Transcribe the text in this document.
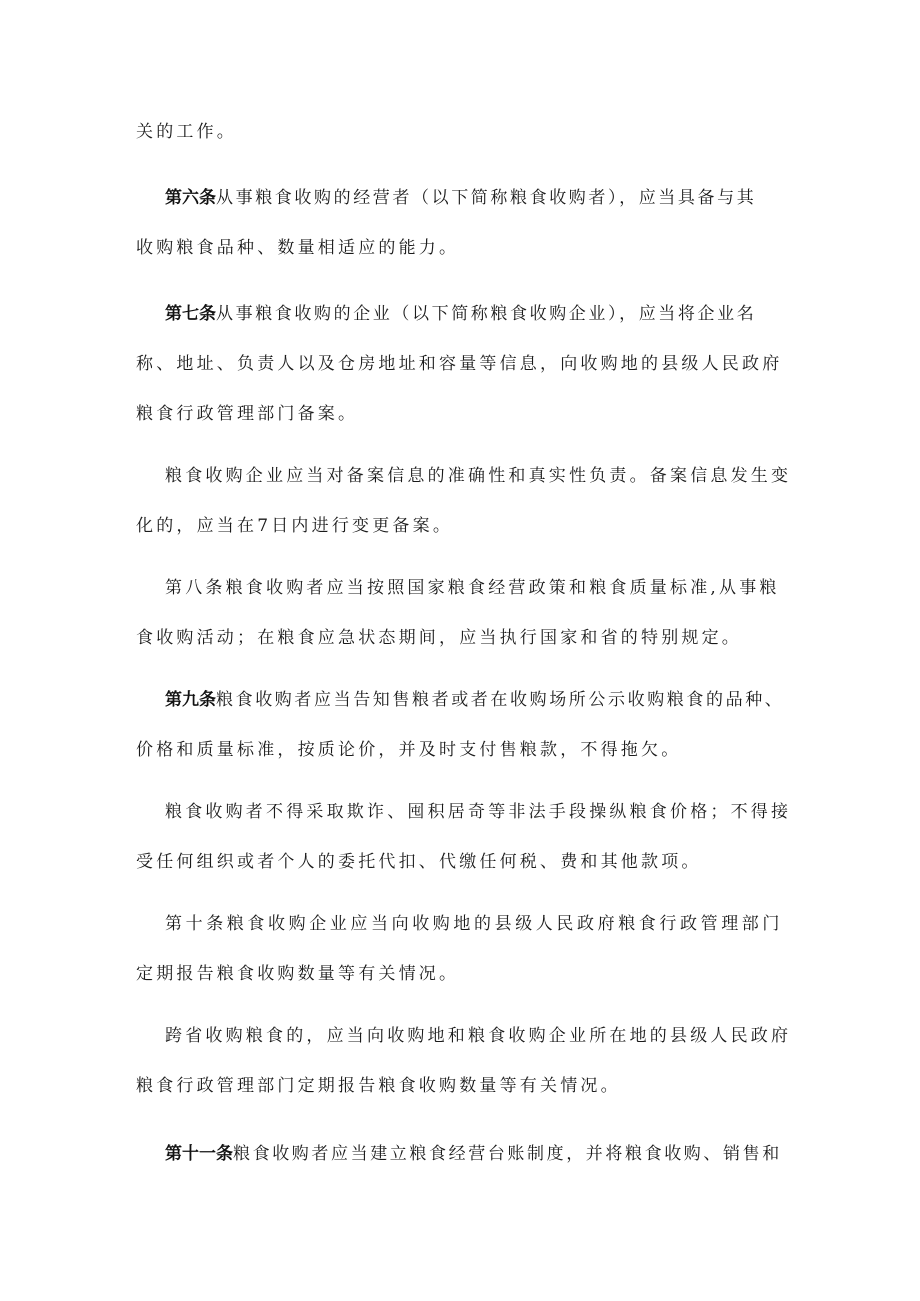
关的工作。
第六条从事粮食收购的经营者（以下简称粮食收购者），应当具备与其
收购粮食品种、数量相适应的能力。
第七条从事粮食收购的企业（以下简称粮食收购企业），应当将企业名
称、地址、负责人以及仓房地址和容量等信息，向收购地的县级人民政府
粮食行政管理部门备案。
粮食收购企业应当对备案信息的准确性和真实性负责。备案信息发生变
化的，应当在7日内进行变更备案。
第八条粮食收购者应当按照国家粮食经营政策和粮食质量标准,从事粮
食收购活动；在粮食应急状态期间，应当执行国家和省的特别规定。
第九条粮食收购者应当告知售粮者或者在收购场所公示收购粮食的品种、
价格和质量标准，按质论价，并及时支付售粮款，不得拖欠。
粮食收购者不得采取欺诈、囤积居奇等非法手段操纵粮食价格；不得接
受任何组织或者个人的委托代扣、代缴任何税、费和其他款项。
第十条粮食收购企业应当向收购地的县级人民政府粮食行政管理部门
定期报告粮食收购数量等有关情况。
跨省收购粮食的，应当向收购地和粮食收购企业所在地的县级人民政府
粮食行政管理部门定期报告粮食收购数量等有关情况。
第十一条粮食收购者应当建立粮食经营台账制度，并将粮食收购、销售和
